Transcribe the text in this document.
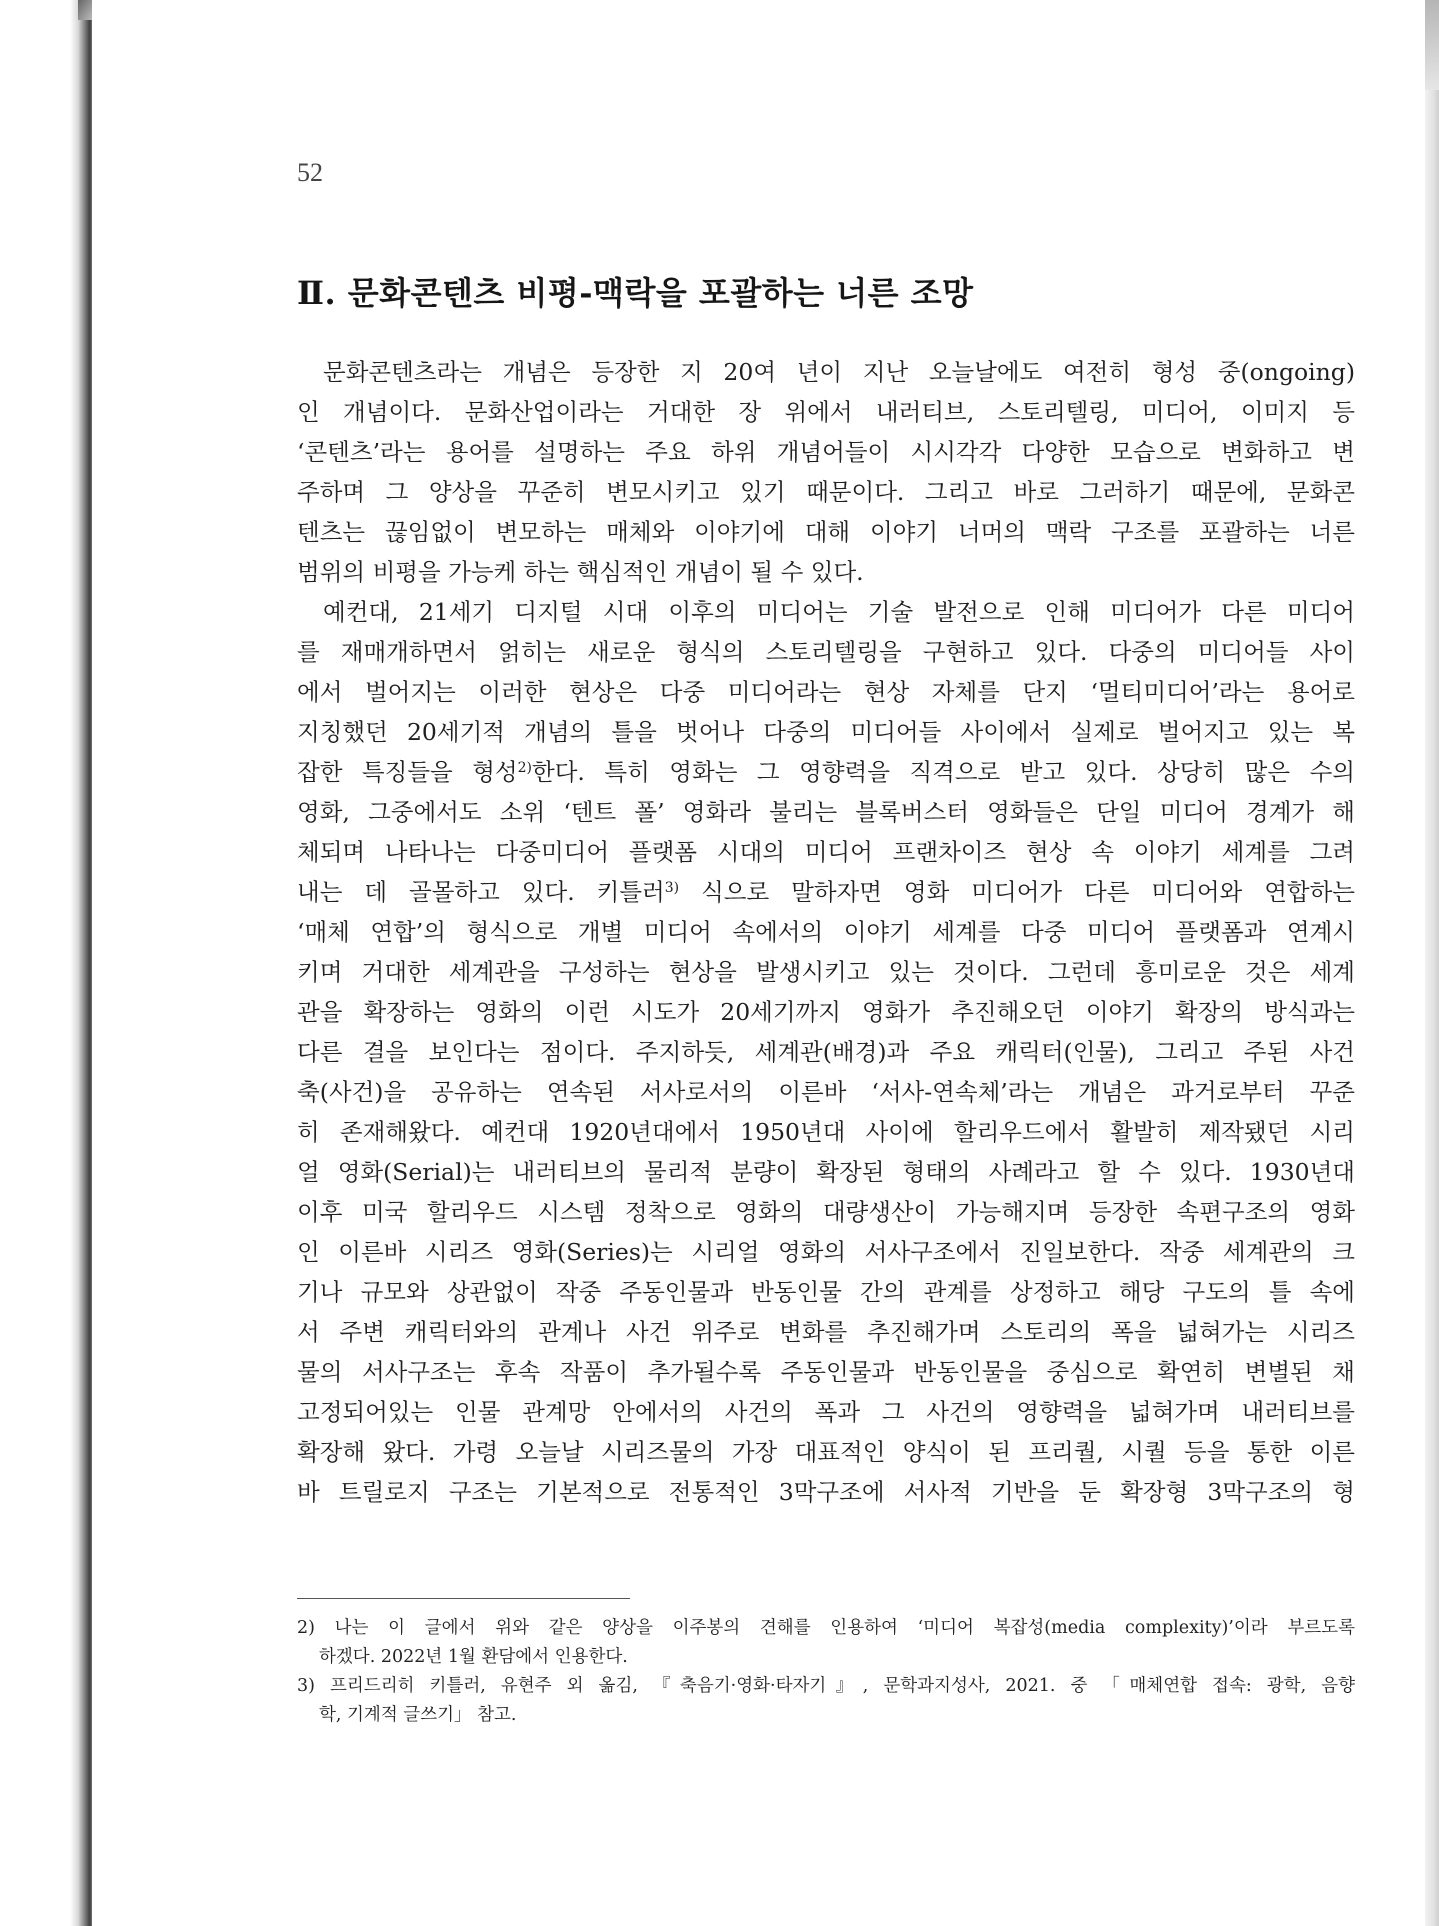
52

Ⅱ. 문화콘텐츠 비평-맥락을 포괄하는 너른 조망
문화콘텐츠라는 개념은 등장한 지 20여 년이 지난 오늘날에도 여전히 형성 중(ongoing)
인 개념이다. 문화산업이라는 거대한 장 위에서 내러티브, 스토리텔링, 미디어, 이미지 등
‘콘텐츠’라는 용어를 설명하는 주요 하위 개념어들이 시시각각 다양한 모습으로 변화하고 변
주하며 그 양상을 꾸준히 변모시키고 있기 때문이다. 그리고 바로 그러하기 때문에, 문화콘
텐츠는 끊임없이 변모하는 매체와 이야기에 대해 이야기 너머의 맥락 구조를 포괄하는 너른
범위의 비평을 가능케 하는 핵심적인 개념이 될 수 있다.
예컨대, 21세기 디지털 시대 이후의 미디어는 기술 발전으로 인해 미디어가 다른 미디어
를 재매개하면서 얽히는 새로운 형식의 스토리텔링을 구현하고 있다. 다중의 미디어들 사이
에서 벌어지는 이러한 현상은 다중 미디어라는 현상 자체를 단지 ‘멀티미디어’라는 용어로
지칭했던 20세기적 개념의 틀을 벗어나 다중의 미디어들 사이에서 실제로 벌어지고 있는 복
잡한 특징들을 형성$^{2)}$한다. 특히 영화는 그 영향력을 직격으로 받고 있다. 상당히 많은 수의
영화, 그중에서도 소위 ‘텐트 폴’ 영화라 불리는 블록버스터 영화들은 단일 미디어 경계가 해
체되며 나타나는 다중미디어 플랫폼 시대의 미디어 프랜차이즈 현상 속 이야기 세계를 그려
내는 데 골몰하고 있다. 키틀러$^{3)}$ 식으로 말하자면 영화 미디어가 다른 미디어와 연합하는
‘매체 연합’의 형식으로 개별 미디어 속에서의 이야기 세계를 다중 미디어 플랫폼과 연계시
키며 거대한 세계관을 구성하는 현상을 발생시키고 있는 것이다. 그런데 흥미로운 것은 세계
관을 확장하는 영화의 이런 시도가 20세기까지 영화가 추진해오던 이야기 확장의 방식과는
다른 결을 보인다는 점이다. 주지하듯, 세계관(배경)과 주요 캐릭터(인물), 그리고 주된 사건
축(사건)을 공유하는 연속된 서사로서의 이른바 ‘서사-연속체’라는 개념은 과거로부터 꾸준
히 존재해왔다. 예컨대 1920년대에서 1950년대 사이에 할리우드에서 활발히 제작됐던 시리
얼 영화(Serial)는 내러티브의 물리적 분량이 확장된 형태의 사례라고 할 수 있다. 1930년대
이후 미국 할리우드 시스템 정착으로 영화의 대량생산이 가능해지며 등장한 속편구조의 영화
인 이른바 시리즈 영화(Series)는 시리얼 영화의 서사구조에서 진일보한다. 작중 세계관의 크
기나 규모와 상관없이 작중 주동인물과 반동인물 간의 관계를 상정하고 해당 구도의 틀 속에
서 주변 캐릭터와의 관계나 사건 위주로 변화를 추진해가며 스토리의 폭을 넓혀가는 시리즈
물의 서사구조는 후속 작품이 추가될수록 주동인물과 반동인물을 중심으로 확연히 변별된 채
고정되어있는 인물 관계망 안에서의 사건의 폭과 그 사건의 영향력을 넓혀가며 내러티브를
확장해 왔다. 가령 오늘날 시리즈물의 가장 대표적인 양식이 된 프리퀄, 시퀄 등을 통한 이른
바 트릴로지 구조는 기본적으로 전통적인 3막구조에 서사적 기반을 둔 확장형 3막구조의 형
2) 나는 이 글에서 위와 같은 양상을 이주봉의 견해를 인용하여 ‘미디어 복잡성(media complexity)’이라 부르도록
하겠다. 2022년 1월 환담에서 인용한다.
3) 프리드리히 키틀러, 유현주 외 옮김, 『축음기·영화·타자기』, 문학과지성사, 2021. 중 「매체연합 접속: 광학, 음향
학, 기계적 글쓰기」 참고.
